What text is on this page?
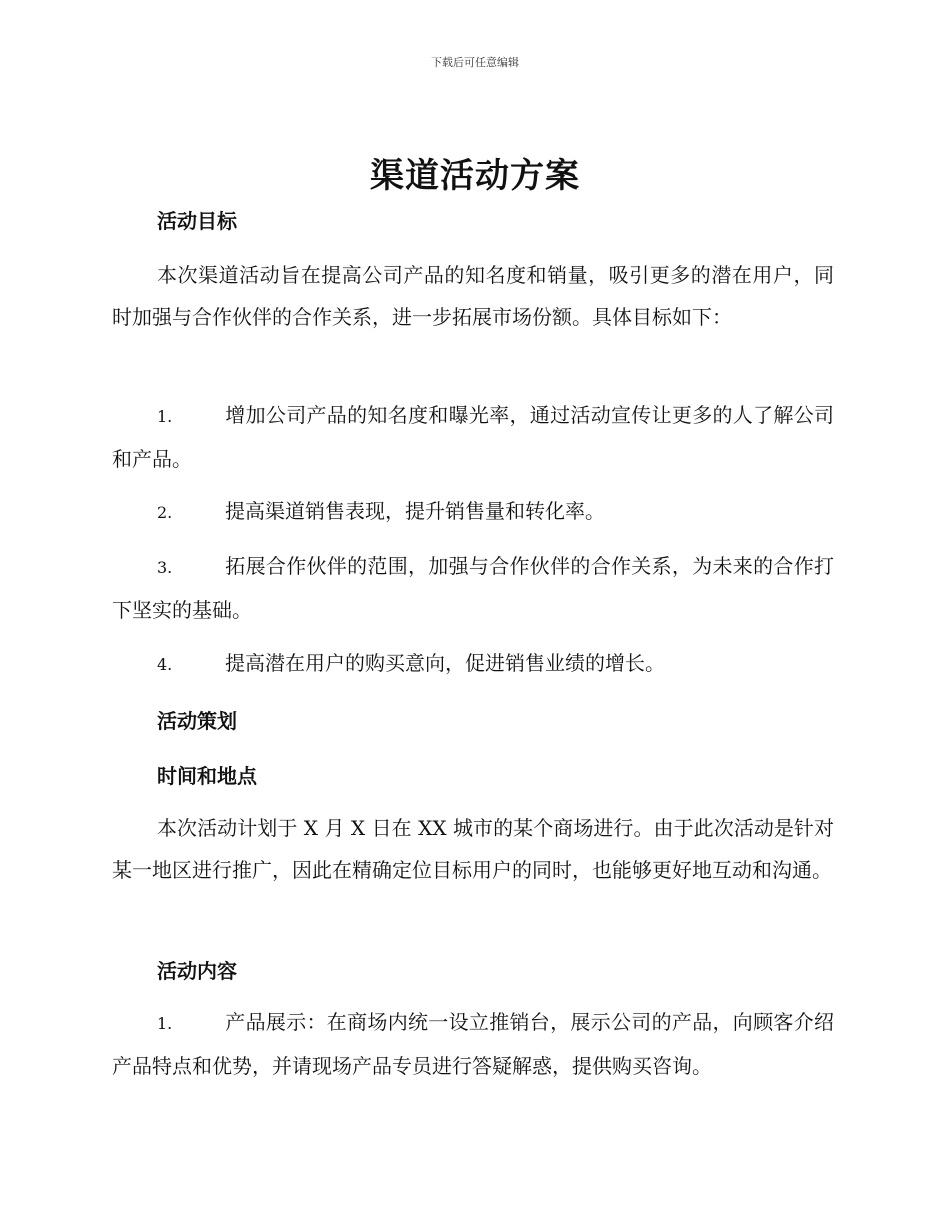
下载后可任意编辑
渠道活动方案
活动目标

本次渠道活动旨在提高公司产品的知名度和销量，吸引更多的潜在用户，同时加强与合作伙伴的合作关系，进一步拓展市场份额。具体目标如下：

1.	增加公司产品的知名度和曝光率，通过活动宣传让更多的人了解公司和产品。

2.	提高渠道销售表现，提升销售量和转化率。

3.	拓展合作伙伴的范围，加强与合作伙伴的合作关系，为未来的合作打下坚实的基础。

4.	提高潜在用户的购买意向，促进销售业绩的增长。

活动策划
时间和地点

本次活动计划于 X 月 X 日在 XX 城市的某个商场进行。由于此次活动是针对某一地区进行推广，因此在精确定位目标用户的同时，也能够更好地互动和沟通。

活动内容

1.	产品展示：在商场内统一设立推销台，展示公司的产品，向顾客介绍产品特点和优势，并请现场产品专员进行答疑解惑，提供购买咨询。
